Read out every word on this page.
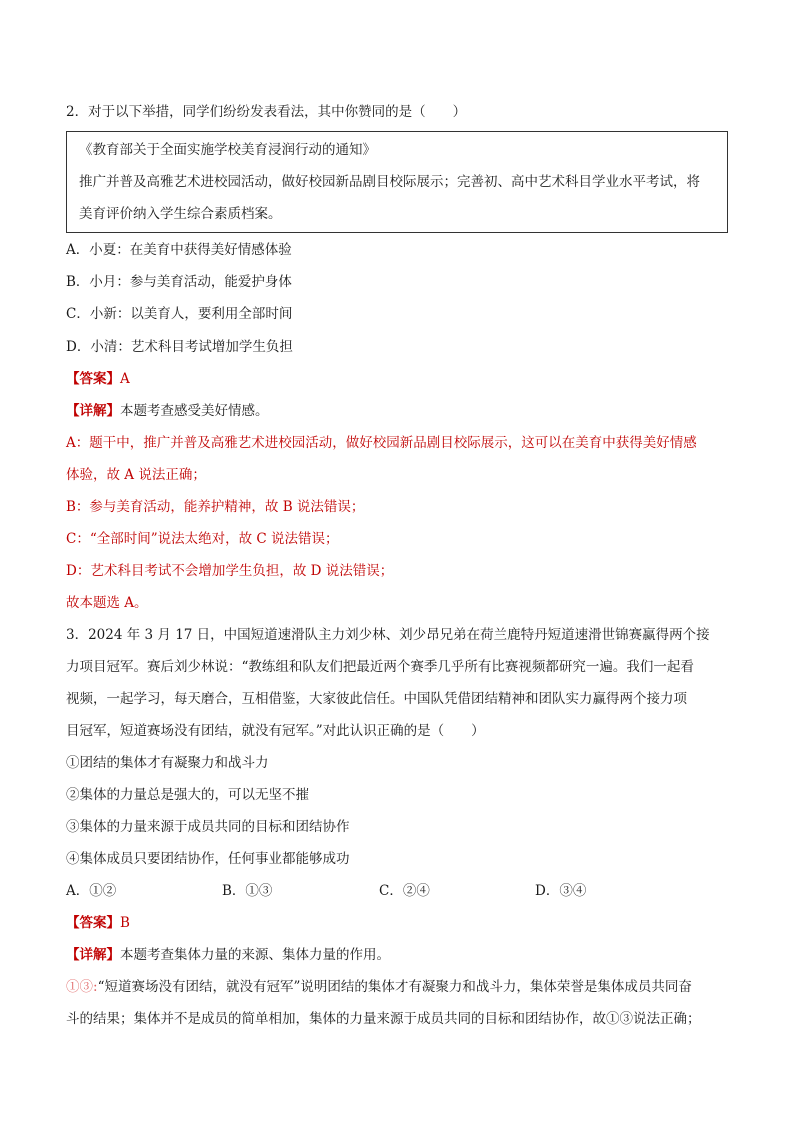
2．对于以下举措，同学们纷纷发表看法，其中你赞同的是（　　）
《教育部关于全面实施学校美育浸润行动的通知》
推广并普及高雅艺术进校园活动，做好校园新品剧目校际展示；完善初、高中艺术科目学业水平考试，将
美育评价纳入学生综合素质档案。
A．小夏：在美育中获得美好情感体验
B．小月：参与美育活动，能爱护身体
C．小新：以美育人，要利用全部时间
D．小清：艺术科目考试增加学生负担
【答案】A
【详解】本题考查感受美好情感。
A：题干中，推广并普及高雅艺术进校园活动，做好校园新品剧目校际展示，这可以在美育中获得美好情感
体验，故 A 说法正确；
B：参与美育活动，能养护精神，故 B 说法错误；
C：“全部时间”说法太绝对，故 C 说法错误；
D：艺术科目考试不会增加学生负担，故 D 说法错误；
故本题选 A。
3．2024 年 3 月 17 日，中国短道速滑队主力刘少林、刘少昂兄弟在荷兰鹿特丹短道速滑世锦赛赢得两个接
力项目冠军。赛后刘少林说：“教练组和队友们把最近两个赛季几乎所有比赛视频都研究一遍。我们一起看
视频，一起学习，每天磨合，互相借鉴，大家彼此信任。中国队凭借团结精神和团队实力赢得两个接力项
目冠军，短道赛场没有团结，就没有冠军。”对此认识正确的是（　　）
①团结的集体才有凝聚力和战斗力
②集体的力量总是强大的，可以无坚不摧
③集体的力量来源于成员共同的目标和团结协作
④集体成员只要团结协作，任何事业都能够成功
A．①②	B．①③	C．②④	D．③④
【答案】B
【详解】本题考查集体力量的来源、集体力量的作用。
①③:“短道赛场没有团结，就没有冠军”说明团结的集体才有凝聚力和战斗力，集体荣誉是集体成员共同奋
斗的结果；集体并不是成员的简单相加，集体的力量来源于成员共同的目标和团结协作，故①③说法正确；
